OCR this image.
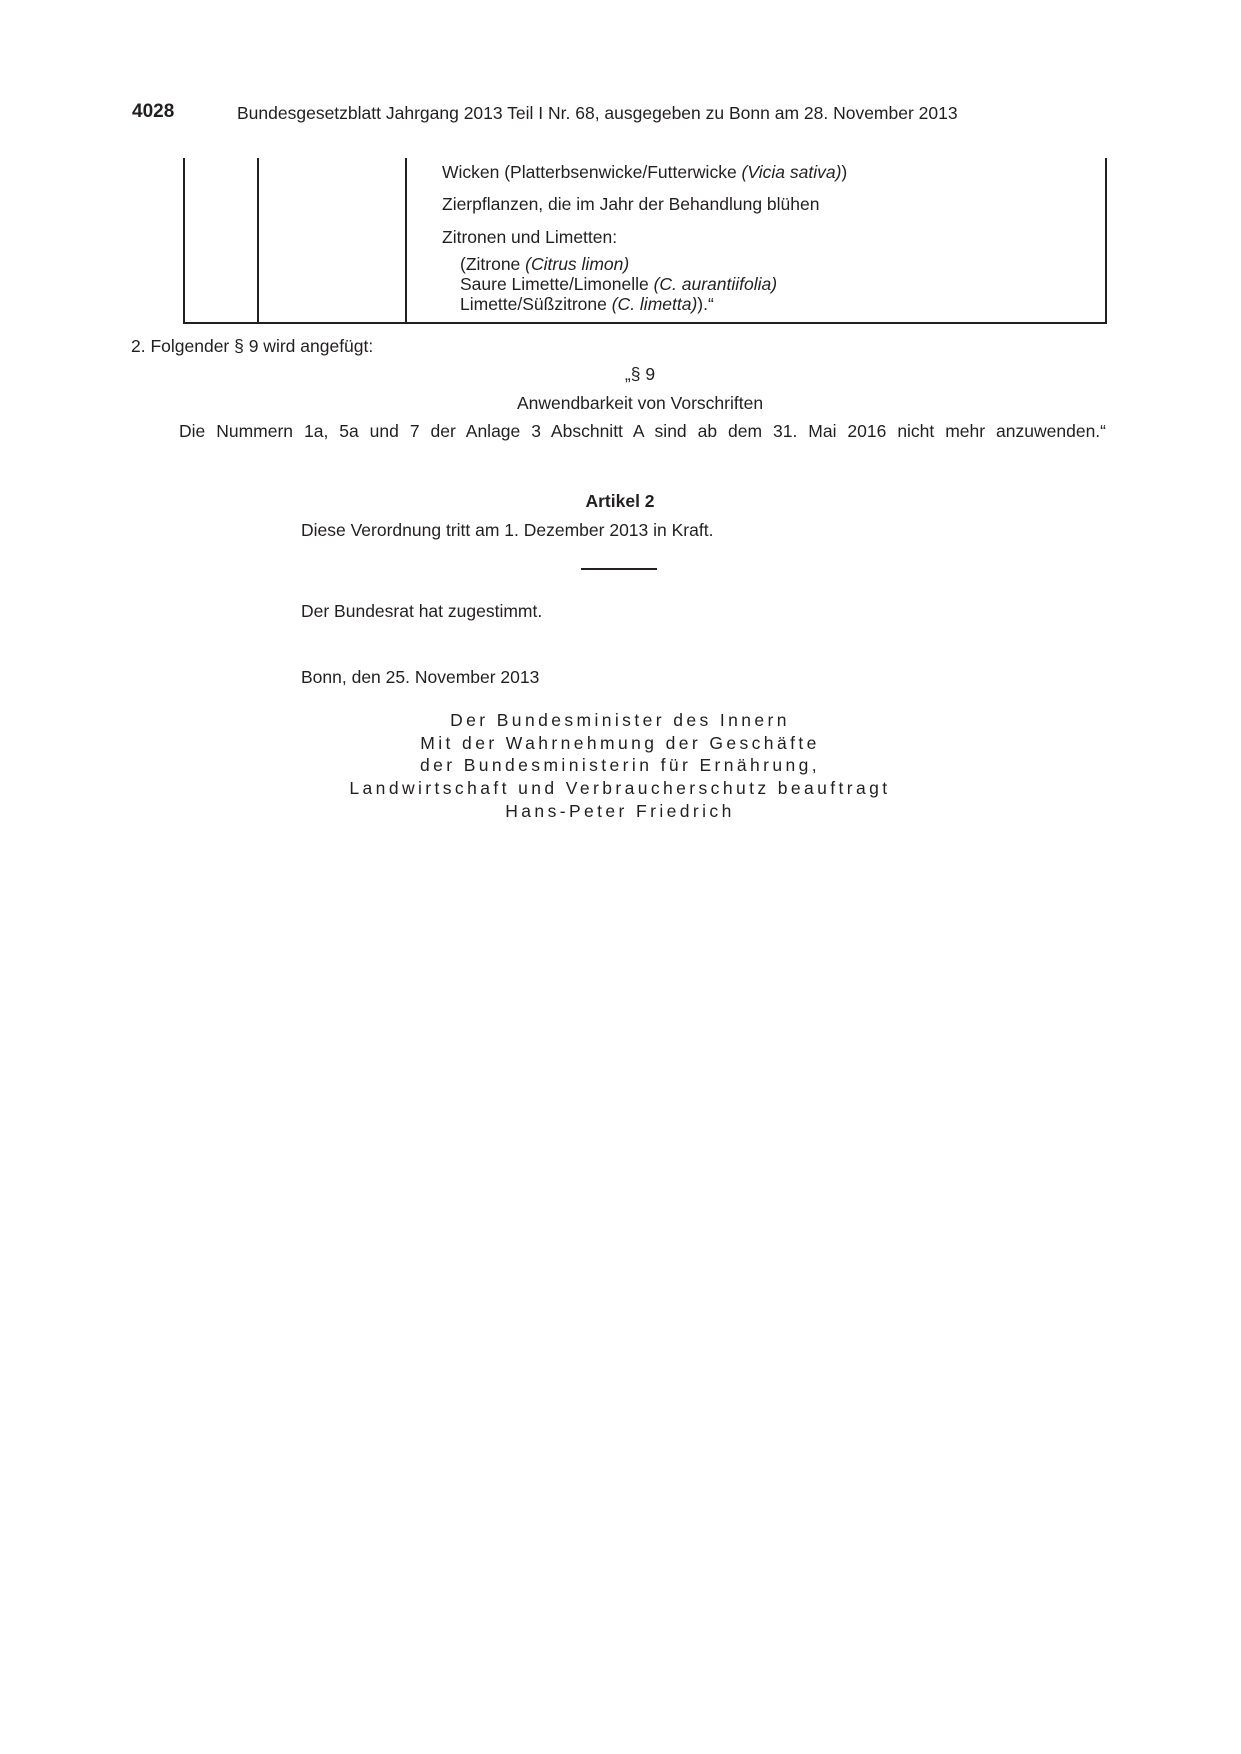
4028	Bundesgesetzblatt Jahrgang 2013 Teil I Nr. 68, ausgegeben zu Bonn am 28. November 2013
Wicken (Platterbsenwicke/Futterwicke (Vicia sativa))
Zierpflanzen, die im Jahr der Behandlung blühen
Zitronen und Limetten:
(Zitrone (Citrus limon)
Saure Limette/Limonelle (C. aurantiifolia)
Limette/Süßzitrone (C. limetta)).“
2. Folgender § 9 wird angefügt:
„§ 9
Anwendbarkeit von Vorschriften
Die Nummern 1a, 5a und 7 der Anlage 3 Abschnitt A sind ab dem 31. Mai 2016 nicht mehr anzuwenden.“
Artikel 2
Diese Verordnung tritt am 1. Dezember 2013 in Kraft.
Der Bundesrat hat zugestimmt.
Bonn, den 25. November 2013
Der Bundesminister des Innern
Mit der Wahrnehmung der Geschäfte
der Bundesministerin für Ernährung,
Landwirtschaft und Verbraucherschutz beauftragt
Hans-Peter Friedrich
